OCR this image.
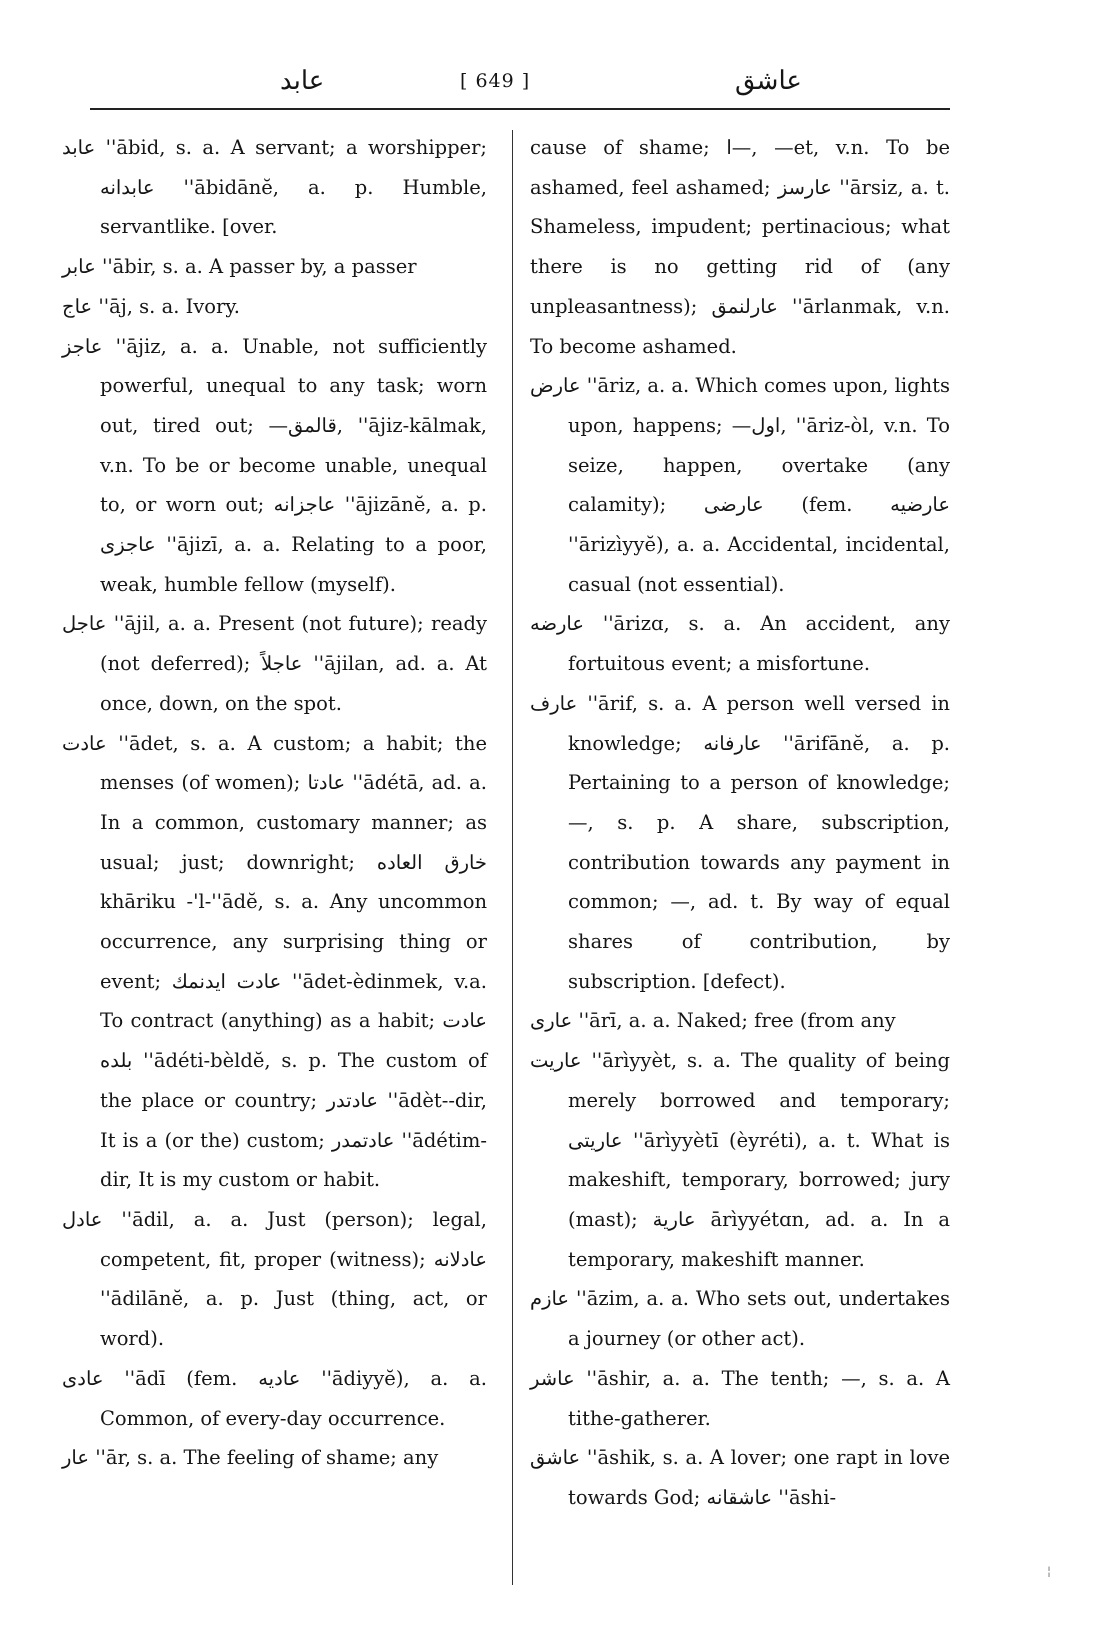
عابد	[ 649 ]	عاشق
عابد ''ābid, s. a. A servant; a worshipper; عابدانه ''ābidānĕ, a. p. Humble, servantlike. [over.
عابر ''ābir, s. a. A passer by, a passer
عاج ''āj, s. a. Ivory.
عاجز ''ājiz, a. a. Unable, not sufficiently powerful, unequal to any task; worn out, tired out; —قالمق, ''ājiz-kālmak, v.n. To be or become unable, unequal to, or worn out; عاجزانه ''ājizānĕ, a. p. عاجزی ''ājizī, a. a. Relating to a poor, weak, humble fellow (myself).
عاجل ''ājil, a. a. Present (not future); ready (not deferred); عاجلاً ''ājilan, ad. a. At once, down, on the spot.
عادت ''ādet, s. a. A custom; a habit; the menses (of women); عادتا ''ādétā, ad. a. In a common, customary manner; as usual; just; downright; خارق العاده khāriku -'l-''ādĕ, s. a. Any uncommon occurrence, any surprising thing or event; عادت ایدنمك ''ādet-èdinmek, v.a. To contract (anything) as a habit; عادت بلده ''ādéti-bèldĕ, s. p. The custom of the place or country; عادتدر ''ādèt--dir, It is a (or the) custom; عادتمدر ''ādétim-dir, It is my custom or habit.
عادل ''ādil, a. a. Just (person); legal, competent, fit, proper (witness); عادلانه ''ādilānĕ, a. p. Just (thing, act, or word).
عادی ''ādī (fem. عادیه ''ādiyyĕ), a. a. Common, of every-day occurrence.
عار ''ār, s. a. The feeling of shame; any
cause of shame; ا—, —et, v.n. To be ashamed, feel ashamed; عارسز ''ārsiz, a. t. Shameless, impudent; pertinacious; what there is no getting rid of (any unpleasantness); عارلنمق ''ārlanmak, v.n. To become ashamed.
عارض ''āriz, a. a. Which comes upon, lights upon, happens; —اول, ''āriz-òl, v.n. To seize, happen, overtake (any calamity); عارضی (fem. عارضیه ''ārizìyyĕ), a. a. Accidental, incidental, casual (not essential).
عارضه ''ārizɑ, s. a. An accident, any fortuitous event; a misfortune.
عارف ''ārif, s. a. A person well versed in knowledge; عارفانه ''ārifānĕ, a. p. Pertaining to a person of knowledge; —, s. p. A share, subscription, contribution towards any payment in common; —, ad. t. By way of equal shares of contribution, by subscription. [defect).
عاری ''ārī, a. a. Naked; free (from any
عاریت ''ārìyyèt, s. a. The quality of being merely borrowed and temporary; عاریتی ''ārìyyètī (èyréti), a. t. What is makeshift, temporary, borrowed; jury (mast); عاریة ārìyyétɑn, ad. a. In a temporary, makeshift manner.
عازم ''āzim, a. a. Who sets out, undertakes a journey (or other act).
عاشر ''āshir, a. a. The tenth; —, s. a. A tithe-gatherer.
عاشق ''āshik, s. a. A lover; one rapt in love towards God; عاشقانه ''āshi-
¦
